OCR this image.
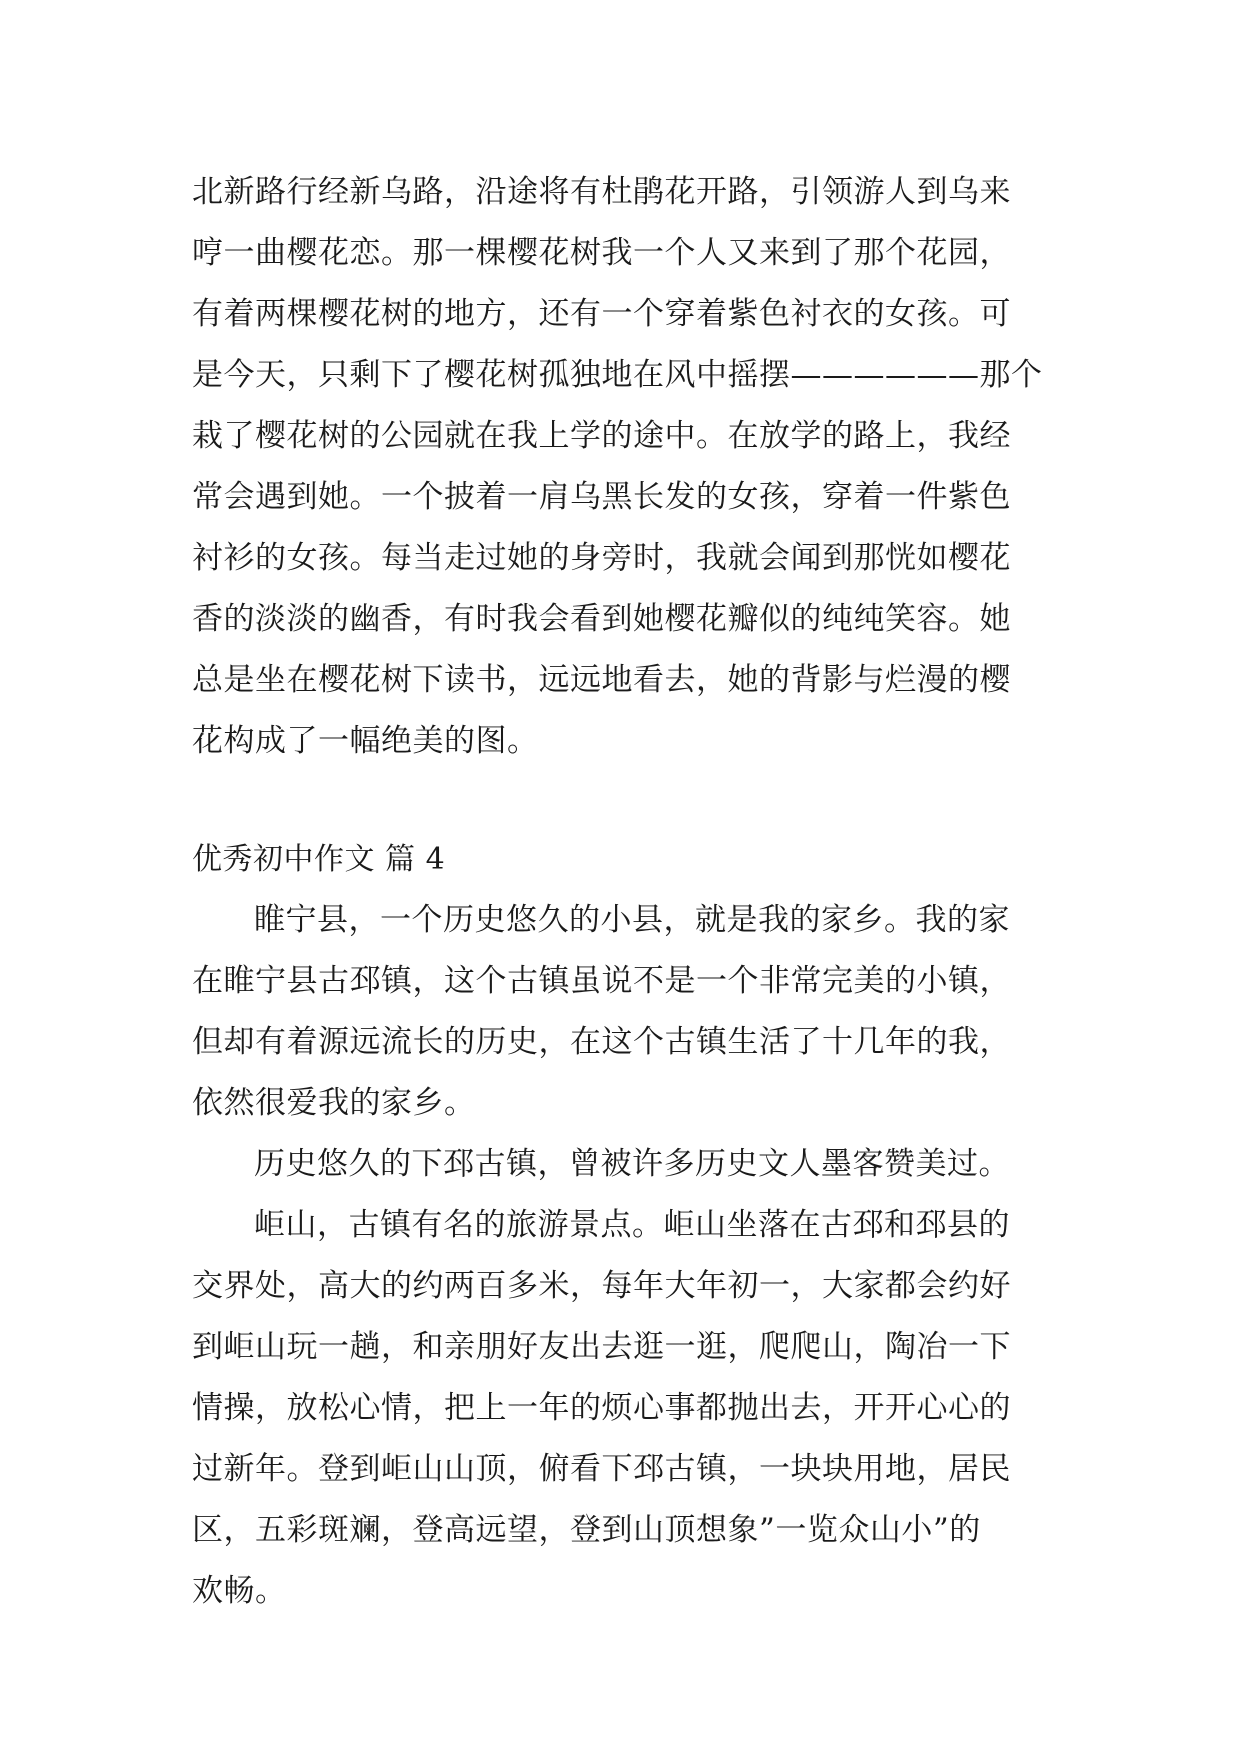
北新路行经新乌路，沿途将有杜鹃花开路，引领游人到乌来
哼一曲樱花恋。那一棵樱花树我一个人又来到了那个花园，
有着两棵樱花树的地方，还有一个穿着紫色衬衣的女孩。可
是今天，只剩下了樱花树孤独地在风中摇摆——————那个
栽了樱花树的公园就在我上学的途中。在放学的路上，我经
常会遇到她。一个披着一肩乌黑长发的女孩，穿着一件紫色
衬衫的女孩。每当走过她的身旁时，我就会闻到那恍如樱花
香的淡淡的幽香，有时我会看到她樱花瓣似的纯纯笑容。她
总是坐在樱花树下读书，远远地看去，她的背影与烂漫的樱
花构成了一幅绝美的图。
优秀初中作文 篇 4
睢宁县，一个历史悠久的小县，就是我的家乡。我的家
在睢宁县古邳镇，这个古镇虽说不是一个非常完美的小镇，
但却有着源远流长的历史，在这个古镇生活了十几年的我，
依然很爱我的家乡。
历史悠久的下邳古镇，曾被许多历史文人墨客赞美过。
岠山，古镇有名的旅游景点。岠山坐落在古邳和邳县的
交界处，高大的约两百多米，每年大年初一，大家都会约好
到岠山玩一趟，和亲朋好友出去逛一逛，爬爬山，陶冶一下
情操，放松心情，把上一年的烦心事都抛出去，开开心心的
过新年。登到岠山山顶，俯看下邳古镇，一块块用地，居民
区，五彩斑斓，登高远望，登到山顶想象”一览众山小”的
欢畅。
